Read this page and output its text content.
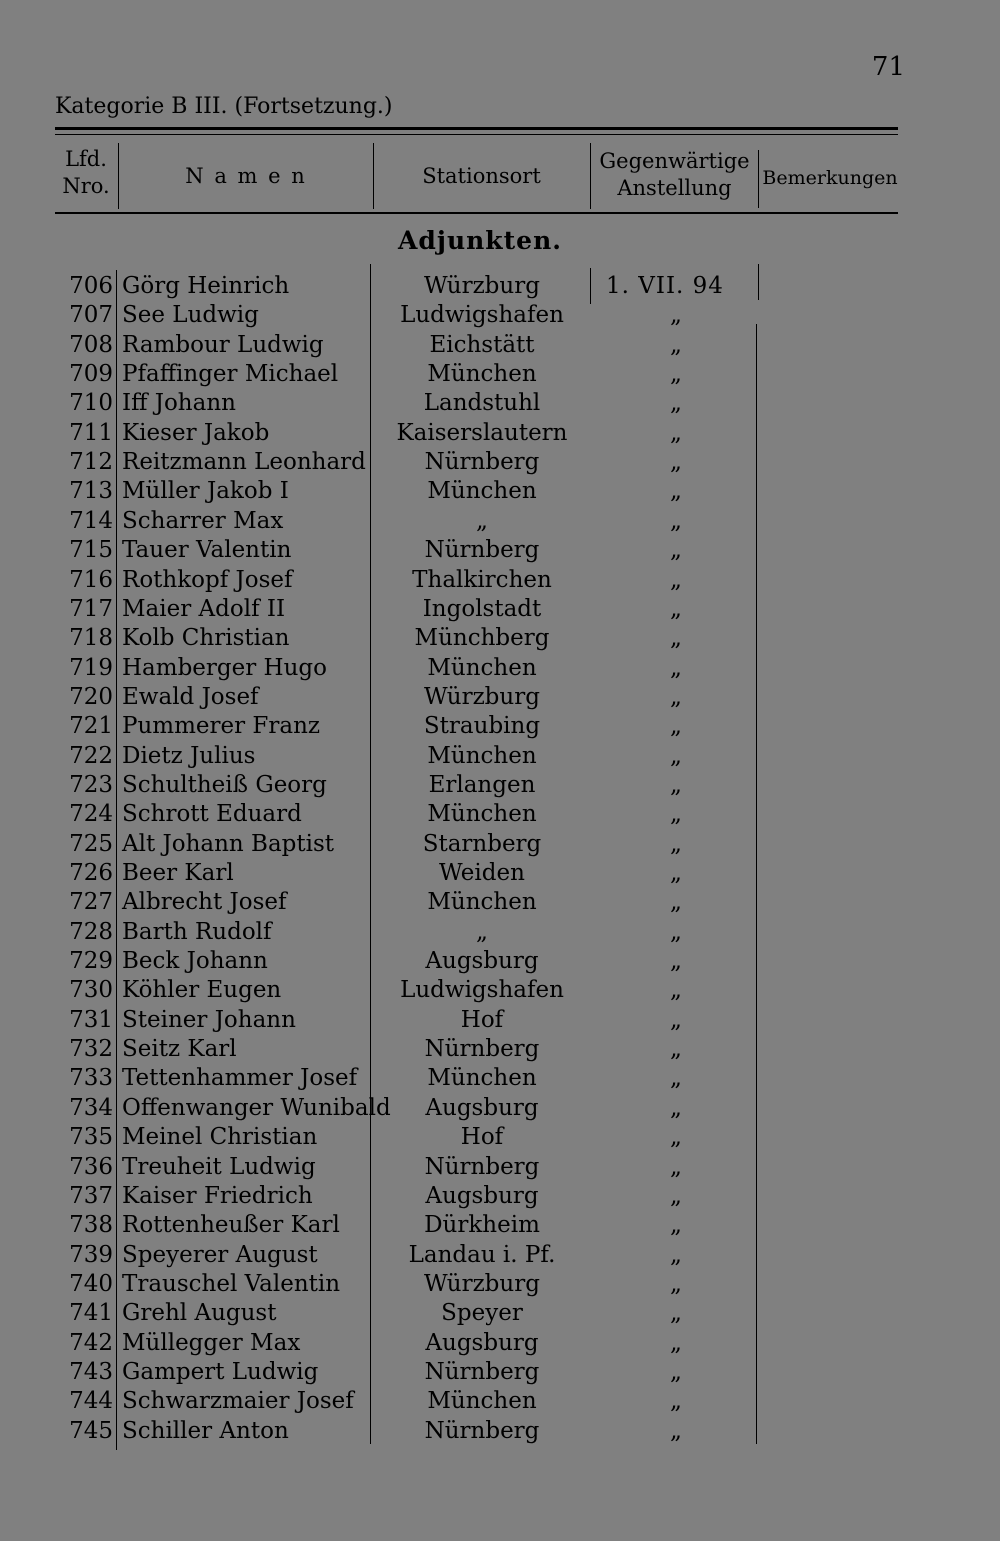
71
Kategorie B III. (Fortsetzung.)
Lfd.
Nro.	N a m e n	Stationsort
Gegenwärtige
Anstellung	Bemerkungen
Adjunkten.
706 Görg Heinrich	Würzburg	1. VII. 94
707 See Ludwig	Ludwigshafen	„
708 Rambour Ludwig	Eichstätt	„
709 Pfaffinger Michael	München	„
710 Iff Johann	Landstuhl	„
711 Kieser Jakob	Kaiserslautern	„
712 Reitzmann Leonhard	Nürnberg	„
713 Müller Jakob I	München	„
714 Scharrer Max	„	„
715 Tauer Valentin	Nürnberg	„
716 Rothkopf Josef	Thalkirchen	„
717 Maier Adolf II	Ingolstadt	„
718 Kolb Christian	Münchberg	„
719 Hamberger Hugo	München	„
720 Ewald Josef	Würzburg	„
721 Pummerer Franz	Straubing	„
722 Dietz Julius	München	„
723 Schultheiß Georg	Erlangen	„
724 Schrott Eduard	München	„
725 Alt Johann Baptist	Starnberg	„
726 Beer Karl	Weiden	„
727 Albrecht Josef	München	„
728 Barth Rudolf	„	„
729 Beck Johann	Augsburg	„
730 Köhler Eugen	Ludwigshafen	„
731 Steiner Johann	Hof	„
732 Seitz Karl	Nürnberg	„
733 Tettenhammer Josef	München	„
734 Offenwanger Wunibald	Augsburg	„
735 Meinel Christian	Hof	„
736 Treuheit Ludwig	Nürnberg	„
737 Kaiser Friedrich	Augsburg	„
738 Rottenheußer Karl	Dürkheim	„
739 Speyerer August	Landau i. Pf.	„
740 Trauschel Valentin	Würzburg	„
741 Grehl August	Speyer	„
742 Müllegger Max	Augsburg	„
743 Gampert Ludwig	Nürnberg	„
744 Schwarzmaier Josef	München	„
745 Schiller Anton	Nürnberg	„
